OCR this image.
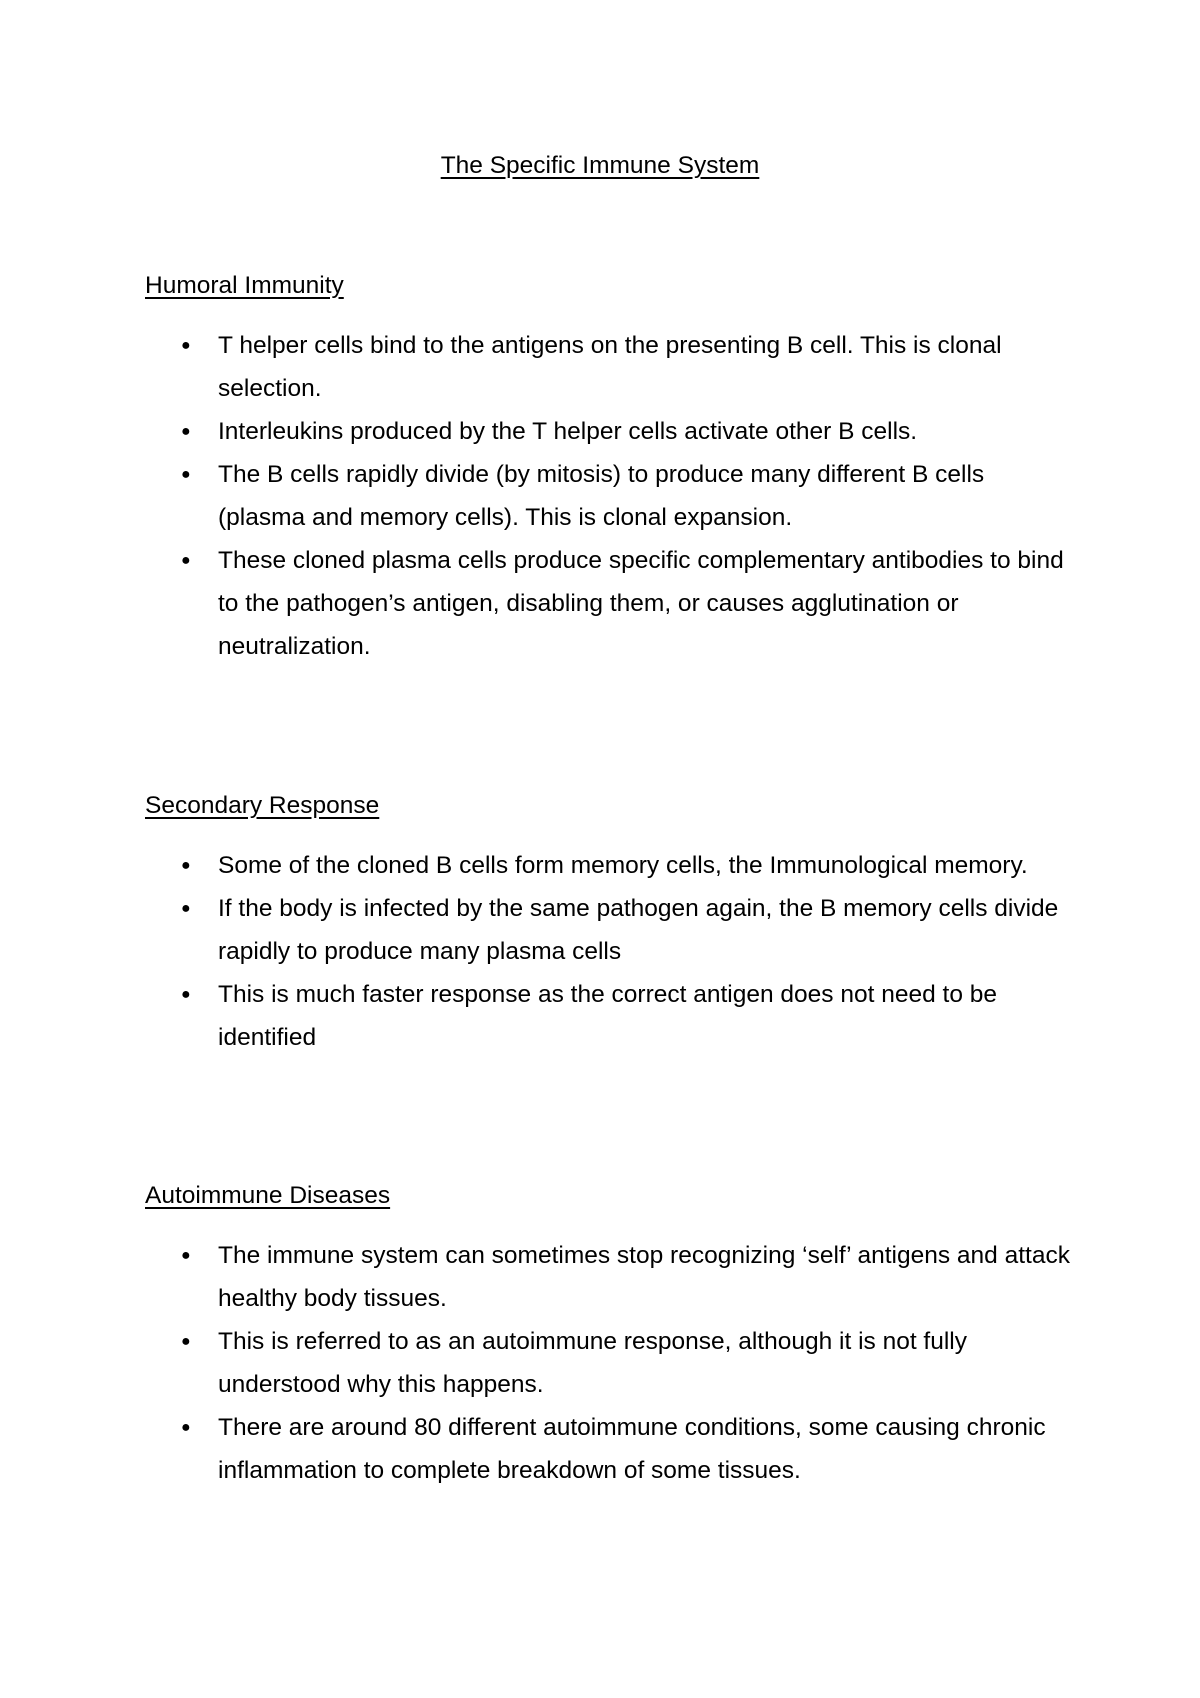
The Specific Immune System
Humoral Immunity
● T helper cells bind to the antigens on the presenting B cell. This is clonal selection.
● Interleukins produced by the T helper cells activate other B cells.
● The B cells rapidly divide (by mitosis) to produce many different B cells (plasma and memory cells). This is clonal expansion.
● These cloned plasma cells produce specific complementary antibodies to bind to the pathogen’s antigen, disabling them, or causes agglutination or neutralization.
Secondary Response
● Some of the cloned B cells form memory cells, the Immunological memory.
● If the body is infected by the same pathogen again, the B memory cells divide rapidly to produce many plasma cells
● This is much faster response as the correct antigen does not need to be identified
Autoimmune Diseases
● The immune system can sometimes stop recognizing ‘self’ antigens and attack healthy body tissues.
● This is referred to as an autoimmune response, although it is not fully understood why this happens.
● There are around 80 different autoimmune conditions, some causing chronic inflammation to complete breakdown of some tissues.
